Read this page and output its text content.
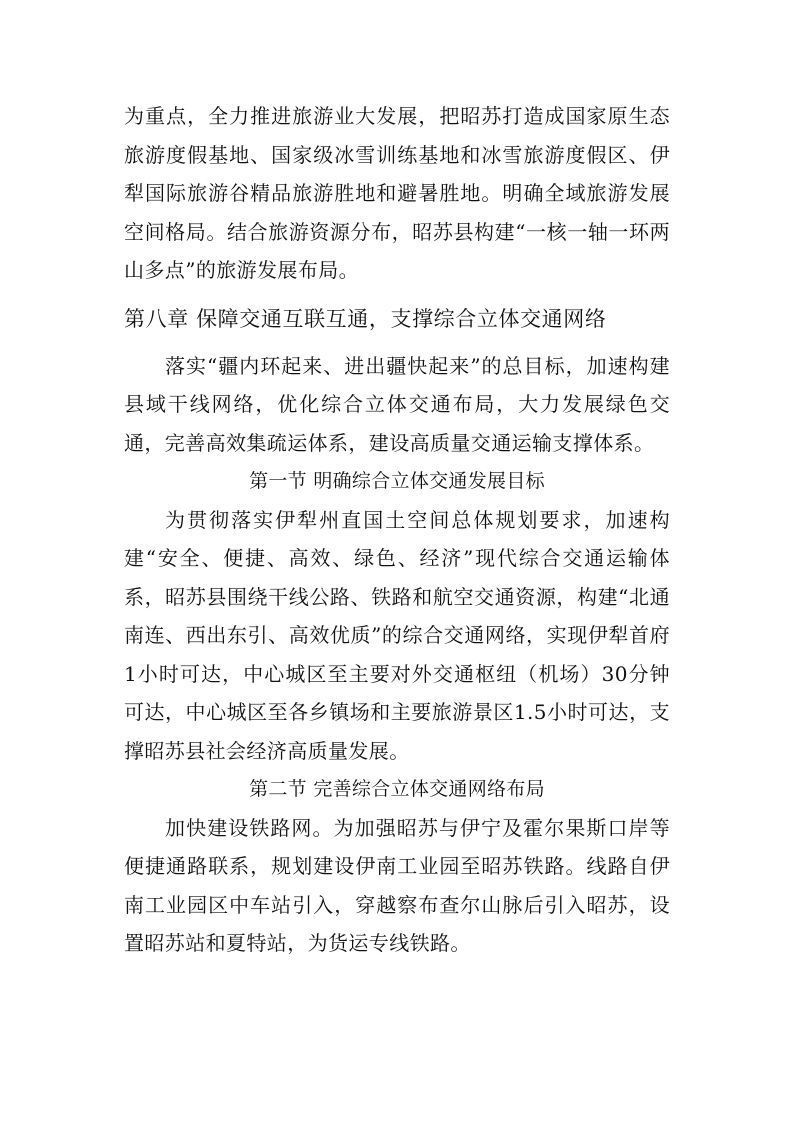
为重点，全力推进旅游业大发展，把昭苏打造成国家原生态旅游度假基地、国家级冰雪训练基地和冰雪旅游度假区、伊犁国际旅游谷精品旅游胜地和避暑胜地。明确全域旅游发展空间格局。结合旅游资源分布，昭苏县构建“一核一轴一环两山多点”的旅游发展布局。

第八章 保障交通互联互通，支撑综合立体交通网络

落实“疆内环起来、进出疆快起来”的总目标，加速构建县域干线网络，优化综合立体交通布局，大力发展绿色交通，完善高效集疏运体系，建设高质量交通运输支撑体系。

第一节 明确综合立体交通发展目标

为贯彻落实伊犁州直国土空间总体规划要求，加速构建“安全、便捷、高效、绿色、经济”现代综合交通运输体系，昭苏县围绕干线公路、铁路和航空交通资源，构建“北通南连、西出东引、高效优质”的综合交通网络，实现伊犁首府1小时可达，中心城区至主要对外交通枢纽（机场）30分钟可达，中心城区至各乡镇场和主要旅游景区1.5小时可达，支撑昭苏县社会经济高质量发展。

第二节 完善综合立体交通网络布局

加快建设铁路网。为加强昭苏与伊宁及霍尔果斯口岸等便捷通路联系，规划建设伊南工业园至昭苏铁路。线路自伊南工业园区中车站引入，穿越察布查尔山脉后引入昭苏，设置昭苏站和夏特站，为货运专线铁路。
